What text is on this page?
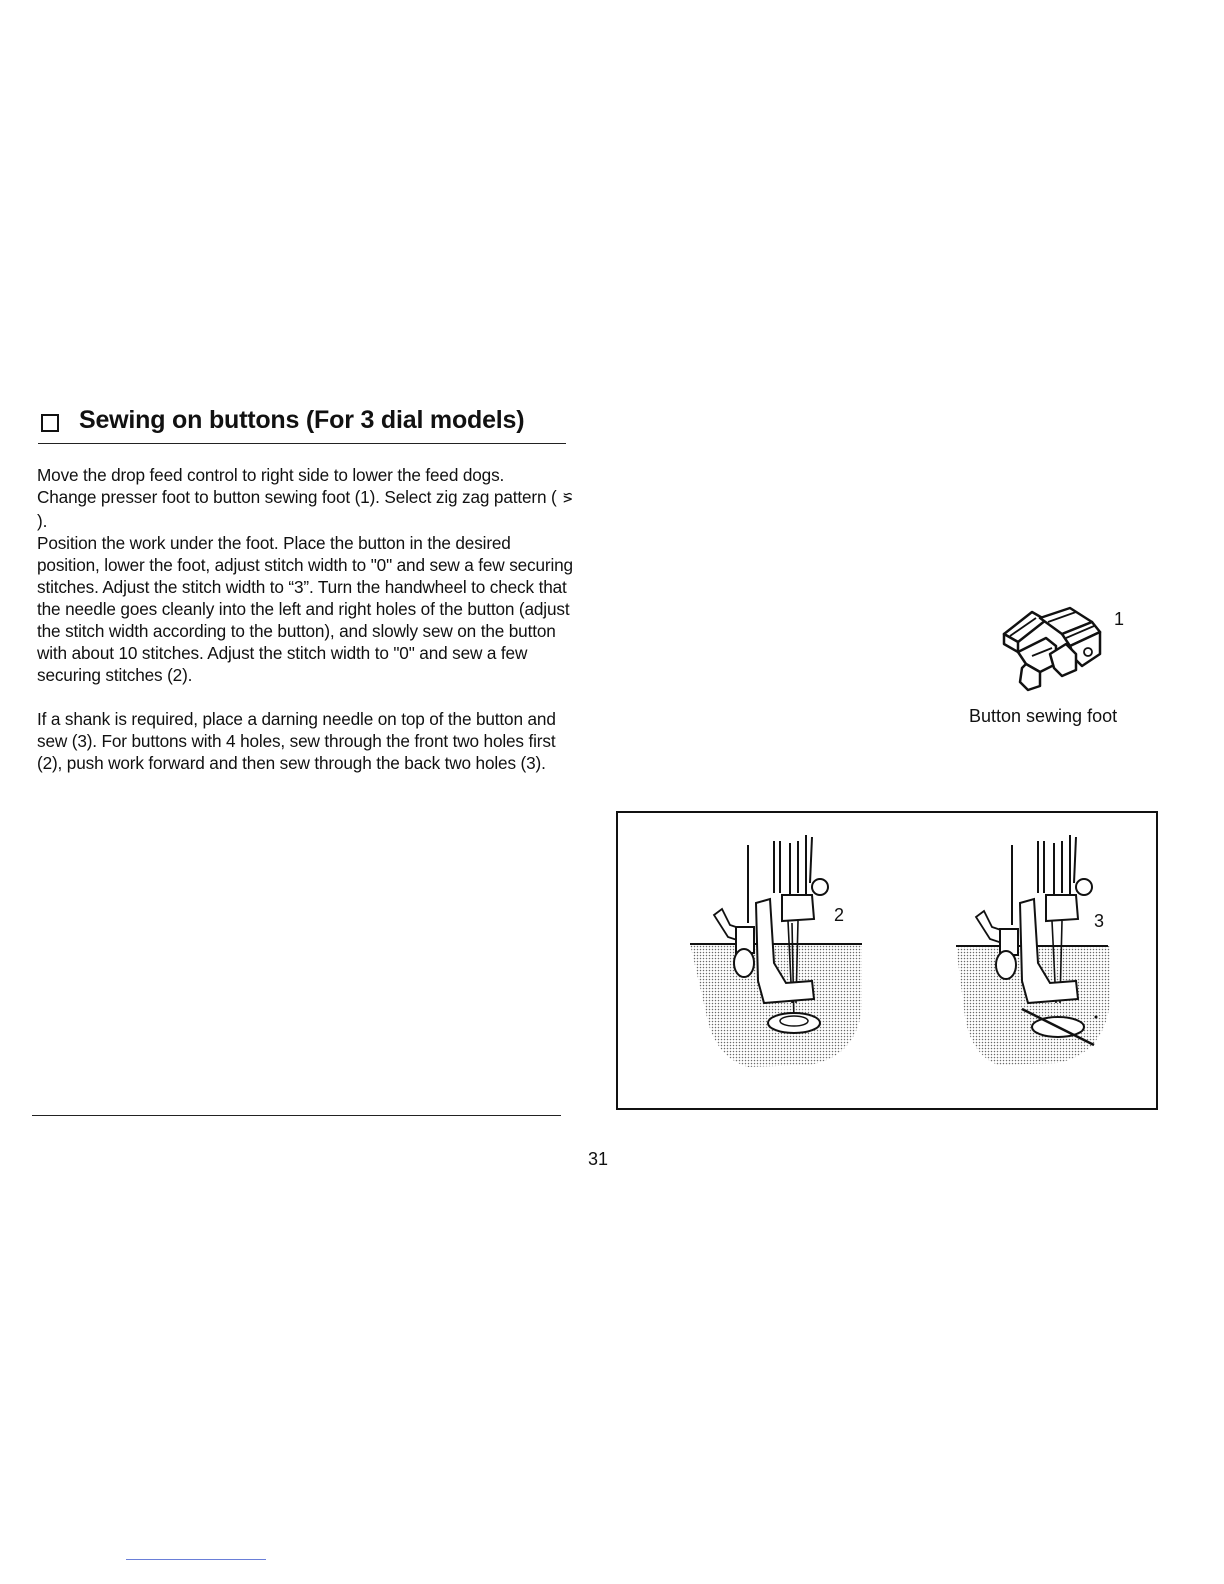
Sewing on buttons (For 3 dial models)

Move the drop feed control to right side to lower the feed dogs.

Change presser foot to button sewing foot (1). Select zig zag pattern ( ⪞ ).

Position the work under the foot. Place the button in the desired position, lower the foot, adjust stitch width to "0" and sew a few securing stitches. Adjust the stitch width to “3”. Turn the handwheel to check that the needle goes cleanly into the left and right holes of the button (adjust the stitch width according to the button), and slowly sew on the button with about 10 stitches. Adjust the stitch width to "0" and sew a few securing stitches (2).

If a shank is required, place a darning needle on top of the button and sew (3). For buttons with 4 holes, sew through the front two holes first (2), push work forward and then sew through the back two holes (3).

1
Button sewing foot
2	3
31
